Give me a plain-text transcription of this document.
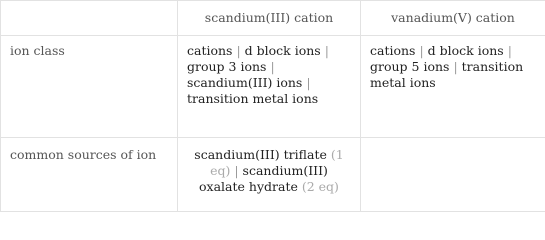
	scandium(III) cation	vanadium(V) cation
ion class	cations | d block ions | group 3 ions | scandium(III) ions | transition metal ions	cations | d block ions | group 5 ions | transition metal ions
common sources of ion	scandium(III) triflate (1 eq) | scandium(III) oxalate hydrate (2 eq)	
